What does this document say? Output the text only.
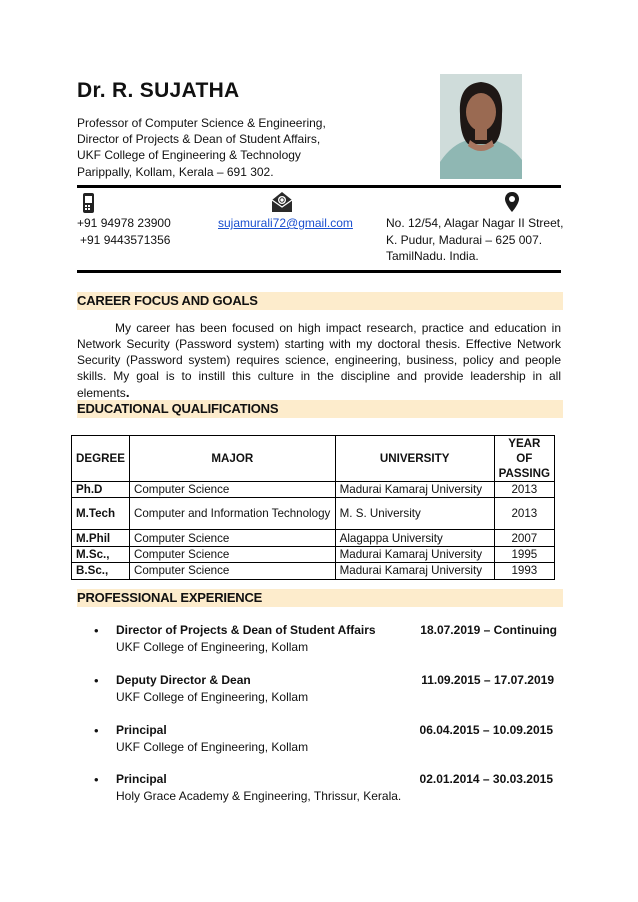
Dr. R. SUJATHA
Professor of Computer Science & Engineering,
Director of Projects & Dean of Student Affairs,
UKF College of Engineering & Technology
Parippally, Kollam, Kerala – 691 302.
+91 94978 23900
+91 9443571356
sujamurali72@gmail.com	No. 12/54, Alagar Nagar II Street,
K. Pudur, Madurai – 625 007.
TamilNadu. India.
CAREER FOCUS AND GOALS
My career has been focused on high impact research, practice and education in Network Security (Password system) starting with my doctoral thesis. Effective Network Security (Password system) requires science, engineering, business, policy and people skills. My goal is to instill this culture in the discipline and provide leadership in all elements.
EDUCATIONAL QUALIFICATIONS
DEGREE	MAJOR	UNIVERSITY	YEAR OF PASSING
Ph.D	Computer Science	Madurai Kamaraj University	2013
M.Tech	Computer and Information Technology	M. S. University	2013
M.Phil	Computer Science	Alagappa University	2007
M.Sc.,	Computer Science	Madurai Kamaraj University	1995
B.Sc.,	Computer Science	Madurai Kamaraj University	1993
PROFESSIONAL EXPERIENCE
• Director of Projects & Dean of Student Affairs	18.07.2019 – Continuing
UKF College of Engineering, Kollam
• Deputy Director & Dean	11.09.2015 – 17.07.2019
UKF College of Engineering, Kollam
• Principal	06.04.2015 – 10.09.2015
UKF College of Engineering, Kollam
• Principal	02.01.2014 – 30.03.2015
Holy Grace Academy & Engineering, Thrissur, Kerala.
